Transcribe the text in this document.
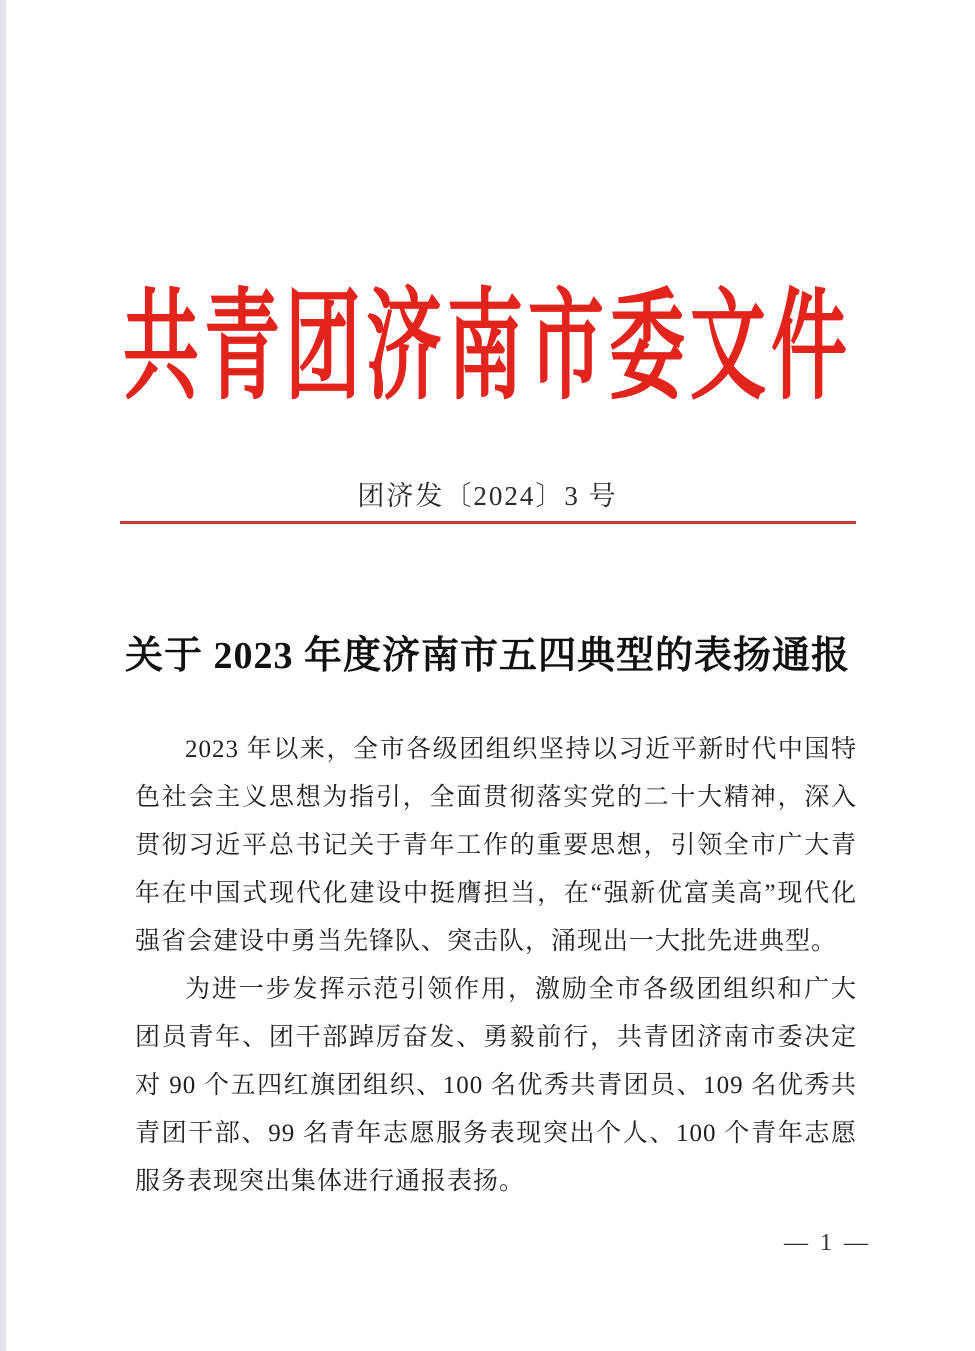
共青团济南市委文件
团济发〔2024〕3 号
关于 2023 年度济南市五四典型的表扬通报

2023 年以来，全市各级团组织坚持以习近平新时代中国特色社会主义思想为指引，全面贯彻落实党的二十大精神，深入贯彻习近平总书记关于青年工作的重要思想，引领全市广大青年在中国式现代化建设中挺膺担当，在“强新优富美高”现代化强省会建设中勇当先锋队、突击队，涌现出一大批先进典型。

为进一步发挥示范引领作用，激励全市各级团组织和广大团员青年、团干部踔厉奋发、勇毅前行，共青团济南市委决定对 90 个五四红旗团组织、100 名优秀共青团员、109 名优秀共青团干部、99 名青年志愿服务表现突出个人、100 个青年志愿服务表现突出集体进行通报表扬。

— 1 —
